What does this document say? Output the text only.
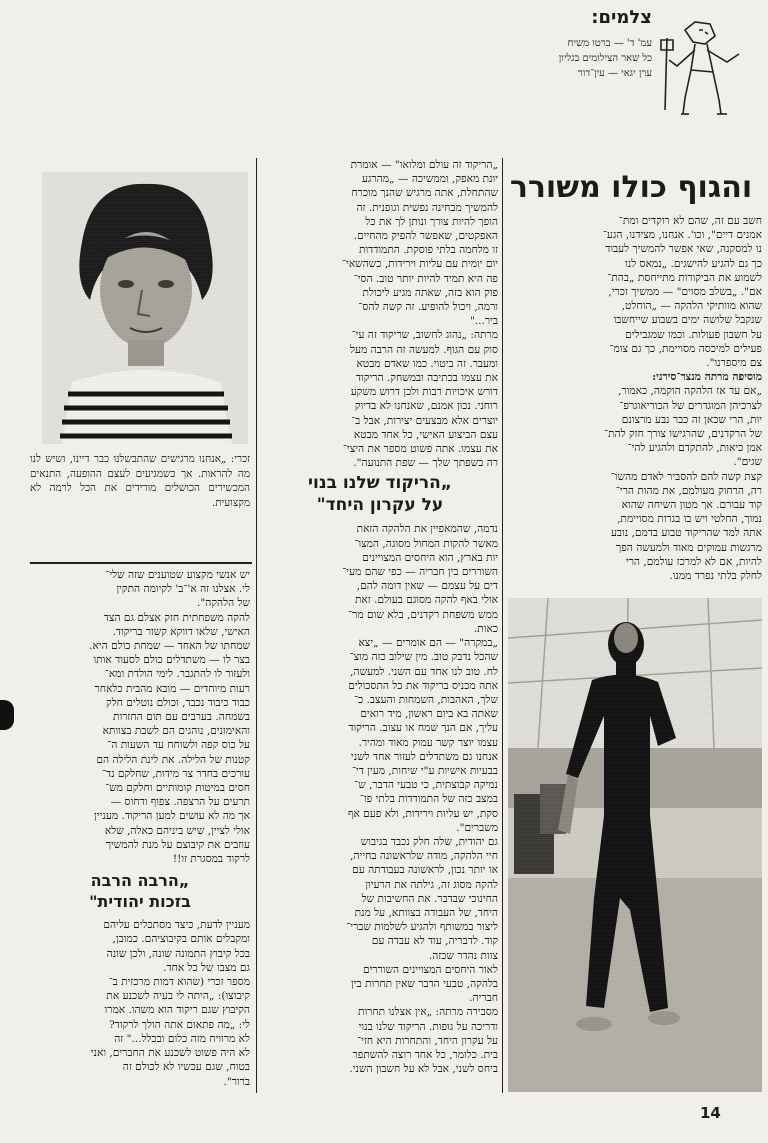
צלמים:
עמ' ד' — ברטו משיח
כל שאר הצילומים בגליון
ערן יגאי — עין־דור
והגוף כולו משורר

חשב עם זה, שהם לא רוקדים ומת־
אמנים דיים", וכו'. אנחנו, מצידנו, הגע־
נו למסקנה, שאי אפשר להמשיך לעבוד
כך גם להגיע להישגים. „נמאס לנו
לשמוע את הביקורות מתייחסת „בהת־
אם". „בשלב מסוים" — ממשיך זכרי,
שהוא מוותיקי הלהקה — „הוחלט,
שנקבל שלושה ימים בשבוע שייחשבו
על חשבון פעולות. וכמו שמגבילים
פעילים למיכסה מסויימת, כך גם צומ־
צם מיספרנו".

מוסיפה מרתה מנצר־סירני:

„אם עד אז הלהקה הוקמה, כאמור,
לצרכיהן המוגדרים של הכוריאוגרפ־
יות, הרי שכאן זה כבר נבע מרצונם
של הרקדנים, שהרגישו צורך חזק להת־
אמן כיאות, להתקדם ולהגיע להי־
שגים".

קצת קשה להם להסביר לאדם מהשו־
רה, הרחוק מעולמם, את מהות הרי־
קוד עבורם. אך מטון השיחה שהוא
נמוך, החלטי ויש בו בגרות מסויימת,
אתה למד שהריקוד טבוע בדמם, נובע
מרגשות עמוקים מאוד ולמעשה הפך
להיות, אם לא למרכז עולמם, הרי
לחלק בלתי נפרד ממנו.

„הריקוד זה עולם ומלואו" — אומרת
יונת מאפק, וממשיכה — „מהרגע
שהתחלת, אתה מרגיש שהנך מוכרח
להמשיך מבחינה נפשית וגופנית. זה
הופך להיות צורך ונותן לך את כל
האפקטים, שאפשר להפיק מהחיים.
זו מלחמה בלתי פוסקת. התמודדות
יום יומית עם עליות וירידות, כשהשאי־
פה היא תמיד להיות יותר טוב. הסי־
פוק הוא בזה, שאתה מגיע ליכולת
ורמה, ויכול להופיע. זה קשה להס־
ביר..."

מרתה: „נהוג לחשוב, שריקוד זה עי־
סוק עם הגוף. למעשה זה הרבה מעל
ומעבר. זה ביטוי. כמו שאדם מבטא
את עצמו בכתיבה ובמשחק. הריקוד
דורש איכויות רבות ולכן דרוש משקע
רוחני. נכון אמנם, שאנחנו לא בדיוק
יוצרים אלא מבצעים יצירות, אבל ב־
עצם הביצוע האישי, כל אחד מבטא
את עצמו. אתה פשוט מספר את היצי־
רה בשפתך שלך — שפת התנועה".

„הריקוד שלנו בנוי
על עקרון היחד"

נדמה, שהמאפיין את הלהקה הזאת
מאשר להקות המחול מסוגה, המצו־
יות בארץ, הוא היחסים המצויינים
השוררים בין חבריה — כפי שהם מעי־
דים על עצמם — שאין דומה להם,
אולי באף להקה מסוגם בעולם. זאת
ממש משפחת רקדנים, בלא שום מר־
כאות.

„במקרה" — הם אומרים — „יצא
שהכל נדבק טוב. מין שילוב כזה מוצ־
לח. טוב לנו אחד עם השני. למעשה,
אתה מכניס בריקוד את כל התסכולים
שלך, האהבות, השמחות והעצב. כ־
שאתה בא ביום ראשון, מיד רואים
עליך, אם הנך שמח או עצוב. הריקוד
עצמו יוצר קשר עמוק מאוד ומהיר.
אנחנו גם משתדלים לעזור אחד לשני
בבעיות אישיות ע"י שיחות, מעין די־
נמיקה קבוצתית, כי טבעי הדבר, ש־
במצב כזה של התמודדות בלתי פו־
סקת, יש עליות וירידות, ולא פעם אף
משברים".

גם יהודית, שלה חלק נכבד בגיבוש
חיי הלהקה, מודה שלראשונה בחייה,
או יותר נכון, לראשונה בעבודתה עם
להקה מסוג זה, גילתה את הרעיון
החינוכי שבדבר. את החשיבות של
היחד, של העבודה בצוותא, על מנת
ליצור במשותף ולהגיע לשלמות שברי־
קוד. לדבריה, עוד לא עבדה עם
צוות נהדר שכזה.

לאור היחסים המצויינים השוררים
בלהקה, טבעי הדבר שאין תחרות בין
חבריה.

מסבירה מרתה: „אין אצלנו תחרות
ודריכה על גופות. הריקוד שלנו בנוי
על עקרון היחד, והתחרות היא חזי־
בית. כלומר, כל אחד רוצה להשתפר
ביחס לשני, אבל לא על חשבון השני.

זכרי: „אנחנו מרגישים שהתבשלנו כבר דיינו, ושיש לנו מה להראות. אך כשמגיעים לעצם ההופעה, התנאים המכשירים הכושלים מורידים את הכל לרמה לא מקצועית.

יש אנשי מקצוע שטוענים שזה שלי־
לי. אצלנו זה א'־ב' לקיומה התקין
של הלהקה".

להקה משפחתית חזק אצלם גם הצד
האישי, שלאו דווקא קשור בריקוד.
שמחתו של האחד — שמחת כולם היא.
בצר לו — משתדלים כולם לסעוד אותו
ולעזור לו להתגבר. לימי הולדת ומא־
רעות מיוחדים — מובא מהבית כלאחר
כבוד כיבוד נכבד, וכולם נוטלים חלק
בשמחה. בערבים עם תום החזרות
והאימונים, נוהגים הם לשבת בצוותא
על כוס קפה ולשוחח עד השעות ה־
קטנות של הלילה. את לינת הלילה הם
עורכים בחדר צר מידות, שחלקם נד־
חסים במיטות קומותיים וחלקם מש־
תרעים על הרצפה. צפוף ודחוס —
אך מה לא עושים למען הריקוד. מעניין
אולי לציין, שיש ביניהם כאלה, שלא
עוזבים את קיבוצם על מנת להמשיך
לרקוד במסגרת זו!!

„הרבה הרבה
בזכות יהודית"

מעניין לדעת, כיצד מסתכלים עליהם
ומקבלים אותם בקיבוציהם. כמובן,
בכל קיבוץ התמונה שונה, ולכן שונה
גם מצבו של כל אחד.

מספר זכרי (שהוא דמות מרכזית ב־
קיבוצו): „היתה לי בעיה לשכנע את
הקיבוץ שגם ריקוד הוא משהו. אמרו
לי: „מה פתאום אתה הולך לרקוד?
לא מרוויח מזה כלום ובכלל..." זה
לא היה פשוט לשכנע את החברים, ואני
בטוח, שגם עכשיו לא לכולם זה
ברור".

14
